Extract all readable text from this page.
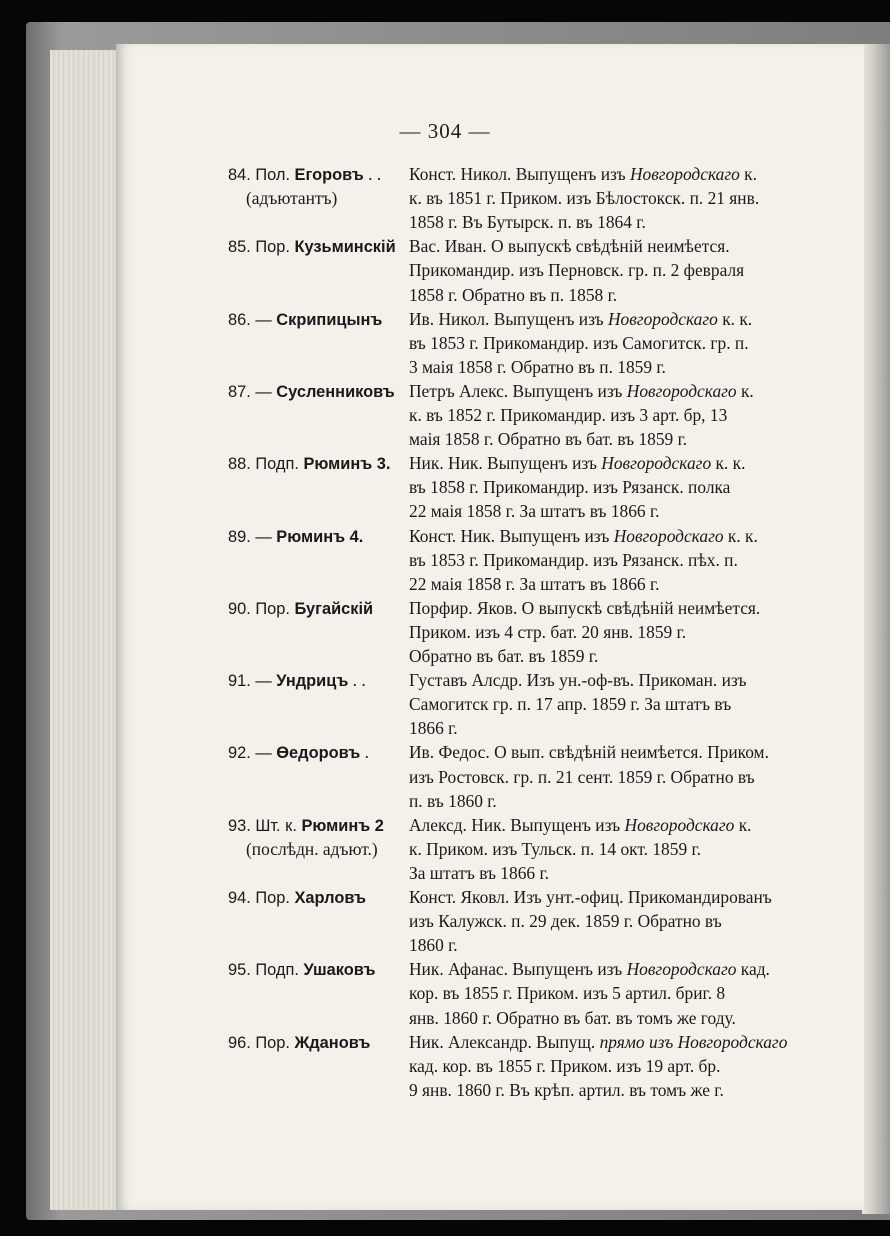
— 304 —
84. Пол. Егоровъ . .
(адъютантъ)
Конст. Никол. Выпущенъ изъ Новгородскаго к.
к. въ 1851 г. Приком. изъ Бѣлостокск. п. 21 янв.
1858 г. Въ Бутырск. п. въ 1864 г.
85. Пор. Кузьминскій Вас. Иван. О выпускѣ свѣдѣній неимѣется.
Прикомандир. изъ Перновск. гр. п. 2 февраля
1858 г. Обратно въ п. 1858 г.
86. — Скрипицынъ Ив. Никол. Выпущенъ изъ Новгородскаго к. к.
въ 1853 г. Прикомандир. изъ Самогитск. гр. п.
3 маія 1858 г. Обратно въ п. 1859 г.
87. — Сусленниковъ Петръ Алекс. Выпущенъ изъ Новгородскаго к.
к. въ 1852 г. Прикомандир. изъ 3 арт. бр, 13
маія 1858 г. Обратно въ бат. въ 1859 г.
88. Подп. Рюминъ 3. Ник. Ник. Выпущенъ изъ Новгородскаго к. к.
въ 1858 г. Прикомандир. изъ Рязанск. полка
22 маія 1858 г. За штатъ въ 1866 г.
89. — Рюминъ 4.	Конст. Ник. Выпущенъ изъ Новгородскаго к. к.
въ 1853 г. Прикомандир. изъ Рязанск. пѣх. п.
22 маія 1858 г. За штатъ въ 1866 г.
90. Пор. Бугайскій Порфир. Яков. О выпускѣ свѣдѣній неимѣется.
Приком. изъ 4 стр. бат. 20 янв. 1859 г.
Обратно въ бат. въ 1859 г.
91. — Ундрицъ . . Густавъ Алсдр. Изъ ун.-оф-въ. Прикоман. изъ
Самогитск гр. п. 17 апр. 1859 г. За штатъ въ
1866 г.
92. — Өедоровъ . Ив. Федос. О вып. свѣдѣній неимѣется. Приком.
изъ Ростовск. гр. п. 21 сент. 1859 г. Обратно въ
п. въ 1860 г.
93. Шт. к. Рюминъ 2
(послѣдн. адъют.)
Алексд. Ник. Выпущенъ изъ Новгородскаго к.
к. Приком. изъ Тульск. п. 14 окт. 1859 г.
За штатъ въ 1866 г.
94. Пор. Харловъ Конст. Яковл. Изъ унт.-офиц. Прикомандированъ
изъ Калужск. п. 29 дек. 1859 г. Обратно въ
1860 г.
95. Подп. Ушаковъ Ник. Афанас. Выпущенъ изъ Новгородскаго кад.
кор. въ 1855 г. Приком. изъ 5 артил. бриг. 8
янв. 1860 г. Обратно въ бат. въ томъ же году.
96. Пор. Ждановъ Ник. Александр. Выпущ. прямо изъ Новгородскаго
кад. кор. въ 1855 г. Приком. изъ 19 арт. бр.
9 янв. 1860 г. Въ крѣп. артил. въ томъ же г.
